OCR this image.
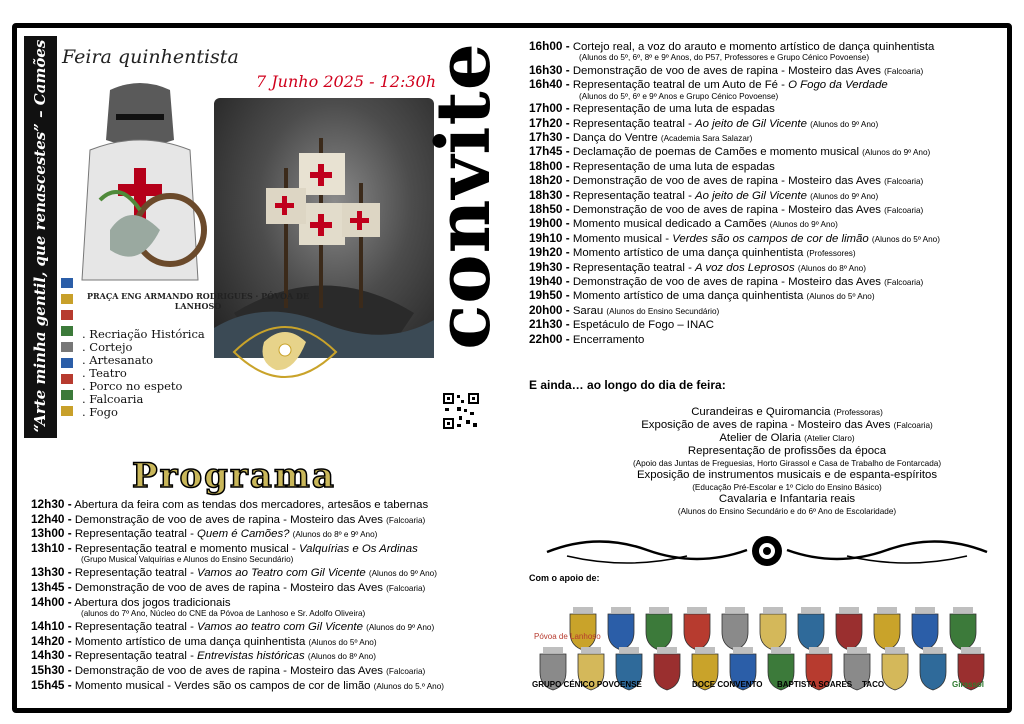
“Arte minha gentil, que renascestes” – Camões Feira quinhentista
7 Junho 2025 - 12:30h
PRAÇA ENG ARMANDO RODRIGUES · PÓVOA DE LANHOSO
. Recriação Histórica
. Cortejo
. Artesanato
. Teatro
. Porco no espeto
. Falcoaria
. Fogo
convite
Programa
12h30 - Abertura da feira com as tendas dos mercadores, artesãos e tabernas
12h40 - Demonstração de voo de aves de rapina - Mosteiro das Aves (Falcoaria)
13h00 - Representação teatral - Quem é Camões? (Alunos do 8º e 9º Ano)
13h10 - Representação teatral e momento musical - Valquírias e Os Ardinas
(Grupo Musical Valquírias e Alunos do Ensino Secundário)
13h30 - Representação teatral - Vamos ao Teatro com Gil Vicente (Alunos do 9º Ano)
13h45 - Demonstração de voo de aves de rapina - Mosteiro das Aves (Falcoaria)
14h00 - Abertura dos jogos tradicionais
(alunos do 7º Ano, Núcleo do CNE da Póvoa de Lanhoso e Sr. Adolfo Oliveira)
14h10 - Representação teatral - Vamos ao teatro com Gil Vicente (Alunos do 9º Ano)
14h20 - Momento artístico de uma dança quinhentista (Alunos do 5º Ano)
14h30 - Representação teatral - Entrevistas históricas (Alunos do 8º Ano)
15h30 - Demonstração de voo de aves de rapina - Mosteiro das Aves (Falcoaria)
15h45 - Momento musical - Verdes são os campos de cor de limão (Alunos do 5.º Ano)
16h00 - Cortejo real, a voz do arauto e momento artístico de dança quinhentista
(Alunos do 5º, 6º, 8º e 9º Anos, do P57, Professores e Grupo Cénico Povoense)
16h30 - Demonstração de voo de aves de rapina - Mosteiro das Aves (Falcoaria)
16h40 - Representação teatral de um Auto de Fé - O Fogo da Verdade
(Alunos do 5º, 6º e 9º Anos e Grupo Cénico Povoense)
17h00 - Representação de uma luta de espadas
17h20 - Representação teatral - Ao jeito de Gil Vicente (Alunos do 9º Ano)
17h30 - Dança do Ventre (Academia Sara Salazar)
17h45 - Declamação de poemas de Camões e momento musical (Alunos do 9º Ano)
18h00 - Representação de uma luta de espadas
18h20 - Demonstração de voo de aves de rapina - Mosteiro das Aves (Falcoaria)
18h30 - Representação teatral - Ao jeito de Gil Vicente (Alunos do 9º Ano)
18h50 - Demonstração de voo de aves de rapina - Mosteiro das Aves (Falcoaria)
19h00 - Momento musical dedicado a Camões (Alunos do 9º Ano)
19h10 - Momento musical - Verdes são os campos de cor de limão (Alunos do 5º Ano)
19h20 - Momento artístico de uma dança quinhentista (Professores)
19h30 - Representação teatral - A voz dos Leprosos (Alunos do 8º Ano)
19h40 - Demonstração de voo de aves de rapina - Mosteiro das Aves (Falcoaria)
19h50 - Momento artístico de uma dança quinhentista (Alunos do 5º Ano)
20h00 - Sarau (Alunos do Ensino Secundário)
21h30 - Espetáculo de Fogo – INAC
22h00 - Encerramento
E ainda… ao longo do dia de feira:
Curandeiras e Quiromancia (Professoras)
Exposição de aves de rapina - Mosteiro das Aves (Falcoaria)
Atelier de Olaria (Atelier Claro)
Representação de profissões da época
(Apoio das Juntas de Freguesias, Horto Girassol e Casa de Trabalho de Fontarcada)
Exposição de instrumentos musicais e de espanta-espíritos
(Educação Pré-Escolar e 1º Ciclo do Ensino Básico)
Cavalaria e Infantaria reais
(Alunos do Ensino Secundário e do 6º Ano de Escolaridade)
Com o apoio de:
Póvoa de Lanhoso
GRUPO CÉNICO POVOENSE	DOCE CONVENTO BAPTISTA SOARES TACO	Girassol
